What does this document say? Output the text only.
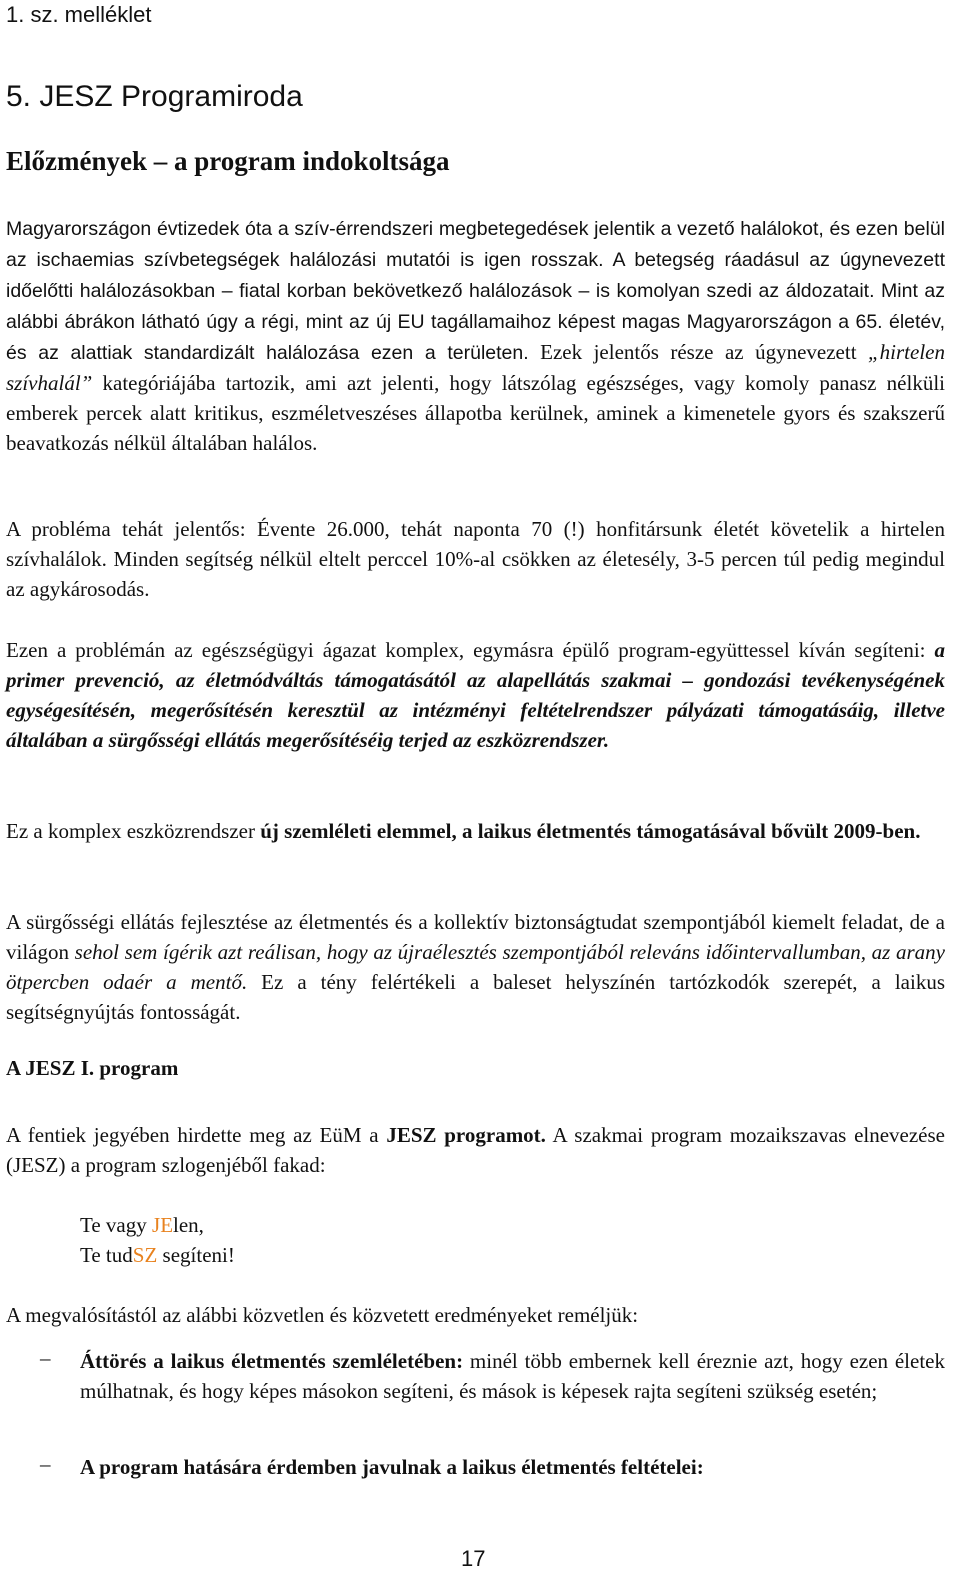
1. sz. melléklet
5. JESZ Programiroda
Előzmények – a program indokoltsága

Magyarországon évtizedek óta a szív-érrendszeri megbetegedések jelentik a vezető halálokot, és ezen belül az ischaemias szívbetegségek halálozási mutatói is igen rosszak. A betegség ráadásul az úgynevezett időelőtti halálozásokban – fiatal korban bekövetkező halálozások – is komolyan szedi az áldozatait. Mint az alábbi ábrákon látható úgy a régi, mint az új EU tagállamaihoz képest magas Magyarországon a 65. életév, és az alattiak standardizált halálozása ezen a területen. Ezek jelentős része az úgynevezett „hirtelen szívhalál” kategóriájába tartozik, ami azt jelenti, hogy látszólag egészséges, vagy komoly panasz nélküli emberek percek alatt kritikus, eszméletveszéses állapotba kerülnek, aminek a kimenetele gyors és szakszerű beavatkozás nélkül általában halálos.

A probléma tehát jelentős: Évente 26.000, tehát naponta 70 (!) honfitársunk életét követelik a hirtelen szívhalálok. Minden segítség nélkül eltelt perccel 10%-al csökken az életesély, 3-5 percen túl pedig megindul az agykárosodás.

Ezen a problémán az egészségügyi ágazat komplex, egymásra épülő program-együttessel kíván segíteni: a primer prevenció, az életmódváltás támogatásától az alapellátás szakmai – gondozási tevékenységének egységesítésén, megerősítésén keresztül az intézményi feltételrendszer pályázati támogatásáig, illetve általában a sürgősségi ellátás megerősítéséig terjed az eszközrendszer.

Ez a komplex eszközrendszer új szemléleti elemmel, a laikus életmentés támogatásával bővült 2009-ben.

A sürgősségi ellátás fejlesztése az életmentés és a kollektív biztonságtudat szempontjából kiemelt feladat, de a világon sehol sem ígérik azt reálisan, hogy az újraélesztés szempontjából releváns időintervallumban, az arany ötpercben odaér a mentő. Ez a tény felértékeli a baleset helyszínén tartózkodók szerepét, a laikus segítségnyújtás fontosságát.

A JESZ I. program

A fentiek jegyében hirdette meg az EüM a JESZ programot. A szakmai program mozaikszavas elnevezése (JESZ) a program szlogenjéből fakad:

Te vagy JElen,
Te tudSZ segíteni!

A megvalósítástól az alábbi közvetlen és közvetett eredményeket reméljük:

– Áttörés a laikus életmentés szemléletében: minél több embernek kell éreznie azt, hogy ezen életek múlhatnak, és hogy képes másokon segíteni, és mások is képesek rajta segíteni szükség esetén;

– A program hatására érdemben javulnak a laikus életmentés feltételei:

17
